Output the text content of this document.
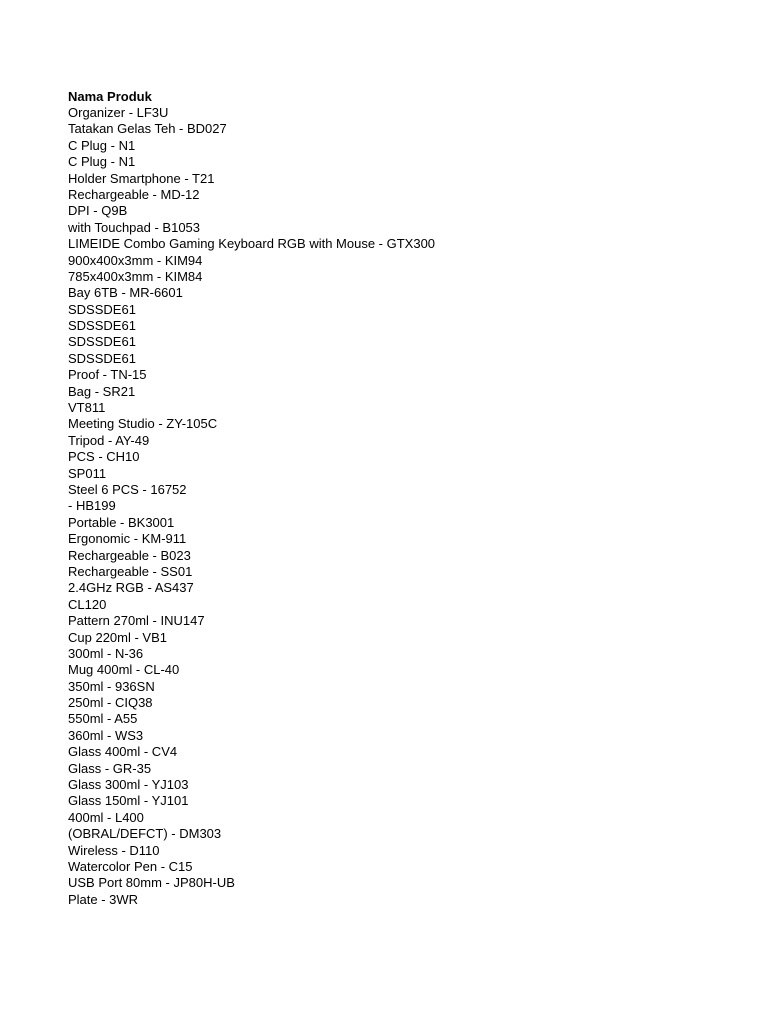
Nama Produk
Organizer - LF3U
Tatakan Gelas Teh - BD027
C Plug - N1
C Plug - N1
Holder Smartphone - T21
Rechargeable - MD-12
DPI - Q9B
with Touchpad - B1053
LIMEIDE Combo Gaming Keyboard RGB with Mouse - GTX300
900x400x3mm - KIM94
785x400x3mm - KIM84
Bay 6TB - MR-6601
SDSSDE61
SDSSDE61
SDSSDE61
SDSSDE61
Proof - TN-15
Bag - SR21
VT811
Meeting Studio - ZY-105C
Tripod - AY-49
PCS - CH10
SP011
Steel 6 PCS - 16752
- HB199
Portable - BK3001
Ergonomic - KM-911
Rechargeable - B023
Rechargeable - SS01
2.4GHz RGB - AS437
CL120
Pattern 270ml - INU147
Cup 220ml - VB1
300ml - N-36
Mug 400ml - CL-40
350ml - 936SN
250ml - CIQ38
550ml - A55
360ml - WS3
Glass 400ml - CV4
Glass - GR-35
Glass 300ml - YJ103
Glass 150ml - YJ101
400ml - L400
(OBRAL/DEFCT) - DM303
Wireless - D110
Watercolor Pen - C15
USB Port 80mm - JP80H-UB
Plate - 3WR
